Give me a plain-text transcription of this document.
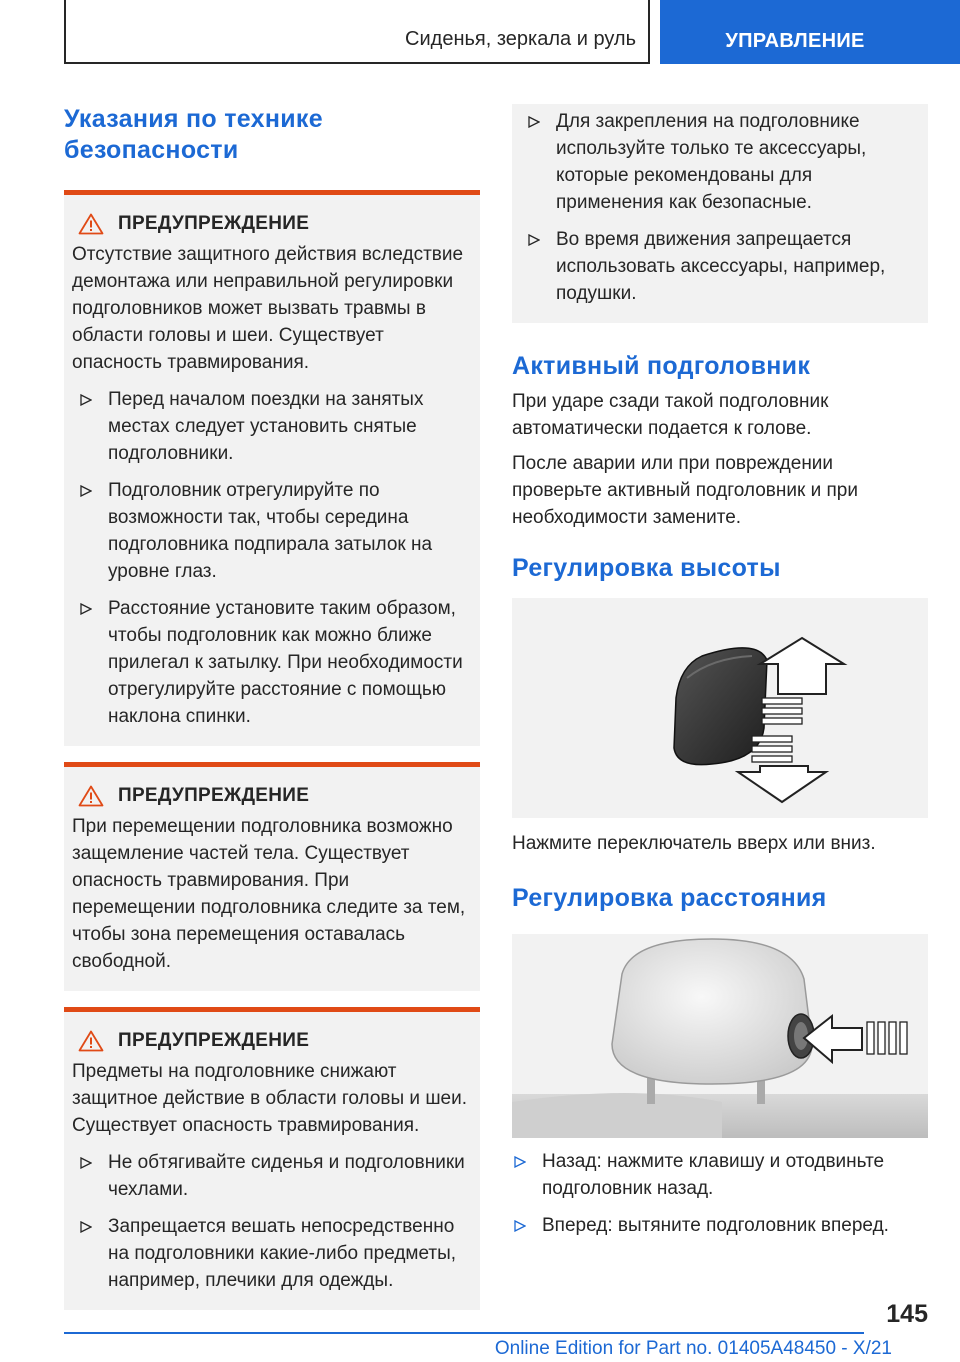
Сиденья, зеркала и руль	УПРАВЛЕНИЕ
Указания по технике безопасности
ПРЕДУПРЕЖДЕНИЕ

Отсутствие защитного действия вследствие демонтажа или неправильной регулировки подголовников может вызвать травмы в области головы и шеи. Существует опасность травмирования.

Перед началом поездки на занятых местах следует установить снятые подголовники.
Подголовник отрегулируйте по возможности так, чтобы середина подголовника подпирала затылок на уровне глаз.
Расстояние установите таким образом, чтобы подголовник как можно ближе прилегал к затылку. При необходимости отрегулируйте расстояние с помощью наклона спинки.
ПРЕДУПРЕЖДЕНИЕ

При перемещении подголовника возможно защемление частей тела. Существует опасность травмирования. При перемещении подголовника следите за тем, чтобы зона перемещения оставалась свободной.

ПРЕДУПРЕЖДЕНИЕ

Предметы на подголовнике снижают защитное действие в области головы и шеи. Существует опасность травмирования.

Не обтягивайте сиденья и подголовники чехлами.
Запрещается вешать непосредственно на подголовники какие-либо предметы, например, плечики для одежды.
Для закрепления на подголовнике используйте только те аксессуары, которые рекомендованы для применения как безопасные.
Во время движения запрещается использовать аксессуары, например, подушки.
Активный подголовник

При ударе сзади такой подголовник автоматически подается к голове.

После аварии или при повреждении проверьте активный подголовник и при необходимости замените.

Регулировка высоты

Нажмите переключатель вверх или вниз.

Регулировка расстояния
Назад: нажмите клавишу и отодвиньте подголовник назад.
Вперед: вытяните подголовник вперед.
145
Online Edition for Part no. 01405A48450 - X/21
